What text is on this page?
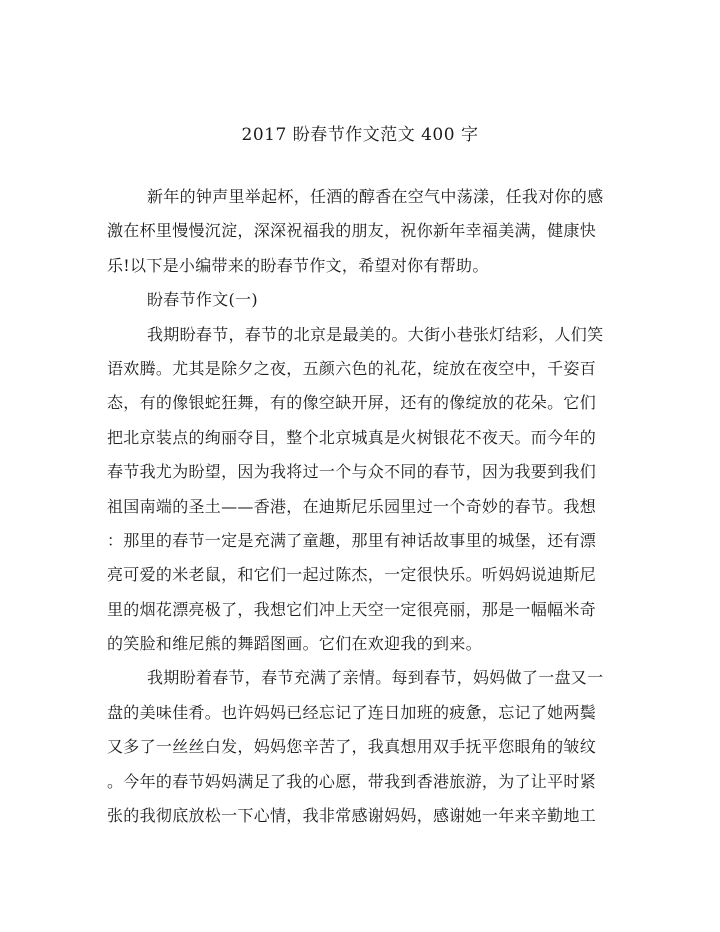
2017 盼春节作文范文 400 字
新年的钟声里举起杯，任酒的醇香在空气中荡漾，任我对你的感
激在杯里慢慢沉淀，深深祝福我的朋友，祝你新年幸福美满，健康快
乐!以下是小编带来的盼春节作文，希望对你有帮助。
盼春节作文(一)
我期盼春节，春节的北京是最美的。大街小巷张灯结彩，人们笑
语欢腾。尤其是除夕之夜，五颜六色的礼花，绽放在夜空中，千姿百
态，有的像银蛇狂舞，有的像空缺开屏，还有的像绽放的花朵。它们
把北京装点的绚丽夺目，整个北京城真是火树银花不夜天。而今年的
春节我尤为盼望，因为我将过一个与众不同的春节，因为我要到我们
祖国南端的圣土——香港，在迪斯尼乐园里过一个奇妙的春节。我想
：那里的春节一定是充满了童趣，那里有神话故事里的城堡，还有漂
亮可爱的米老鼠，和它们一起过陈杰，一定很快乐。听妈妈说迪斯尼
里的烟花漂亮极了，我想它们冲上天空一定很亮丽，那是一幅幅米奇
的笑脸和维尼熊的舞蹈图画。它们在欢迎我的到来。
我期盼着春节，春节充满了亲情。每到春节，妈妈做了一盘又一
盘的美味佳肴。也许妈妈已经忘记了连日加班的疲惫，忘记了她两鬓
又多了一丝丝白发，妈妈您辛苦了，我真想用双手抚平您眼角的皱纹
。今年的春节妈妈满足了我的心愿，带我到香港旅游，为了让平时紧
张的我彻底放松一下心情，我非常感谢妈妈，感谢她一年来辛勤地工
